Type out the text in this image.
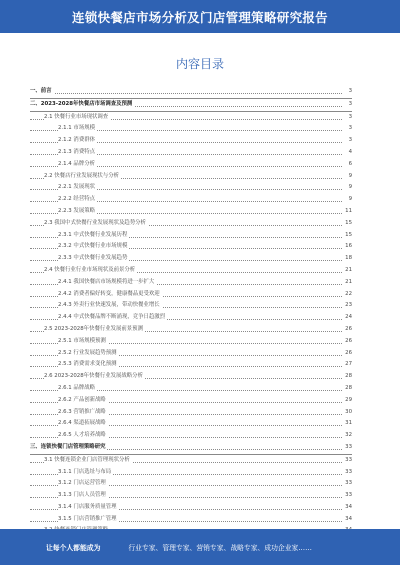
连锁快餐店市场分析及门店管理策略研究报告
内容目录
一、前言	3
二、2023-2028年快餐店市场调查及预测	3
2.1 快餐行业市场现状调查	3
2.1.1 市场规模	3
2.1.2 消费群体	3
2.1.3 消费特点	4
2.1.4 品牌分析	6
2.2 快餐店行业发展现状与分析	9
2.2.1 发展现状	9
2.2.2 经营特点	9
2.2.3 发展策略	11
2.3 我国中式快餐行业发展现状及趋势分析	15
2.3.1 中式快餐行业发展历程	15
2.3.2 中式快餐行业市场规模	16
2.3.3 中式快餐行业发展趋势	18
2.4 快餐行业行业市场现状及前景分析	21
2.4.1 我国快餐店市场规模将进一步扩大	21
2.4.2 消费者偏好转变，健康餐品更受欢迎	22
2.4.3 外卖行业快速发展，带动快餐业增长	23
2.4.4 中式快餐品牌不断涌现，竞争日趋激烈	24
2.5 2023-2028年快餐行业发展前景预测	26
2.5.1 市场规模预测	26
2.5.2 行业发展趋势预测	26
2.5.3 消费需求变化预测	27
2.6 2023-2028年快餐行业发展战略分析	28
2.6.1 品牌战略	28
2.6.2 产品创新战略	29
2.6.3 营销推广战略	30
2.6.4 渠道拓展战略	31
2.6.5 人才培养战略	32
三、连锁快餐门店管理策略研究	33
3.1 快餐连锁企业门店管理现状分析	33
3.1.1 门店选址与布局	33
3.1.2 门店运营管理	33
3.1.3 门店人员管理	33
3.1.4 门店服务质量管理	34
3.1.5 门店营销推广管理	34
让每个人都能成为	行业专家、管理专家、营销专家、战略专家、成功企业家……
